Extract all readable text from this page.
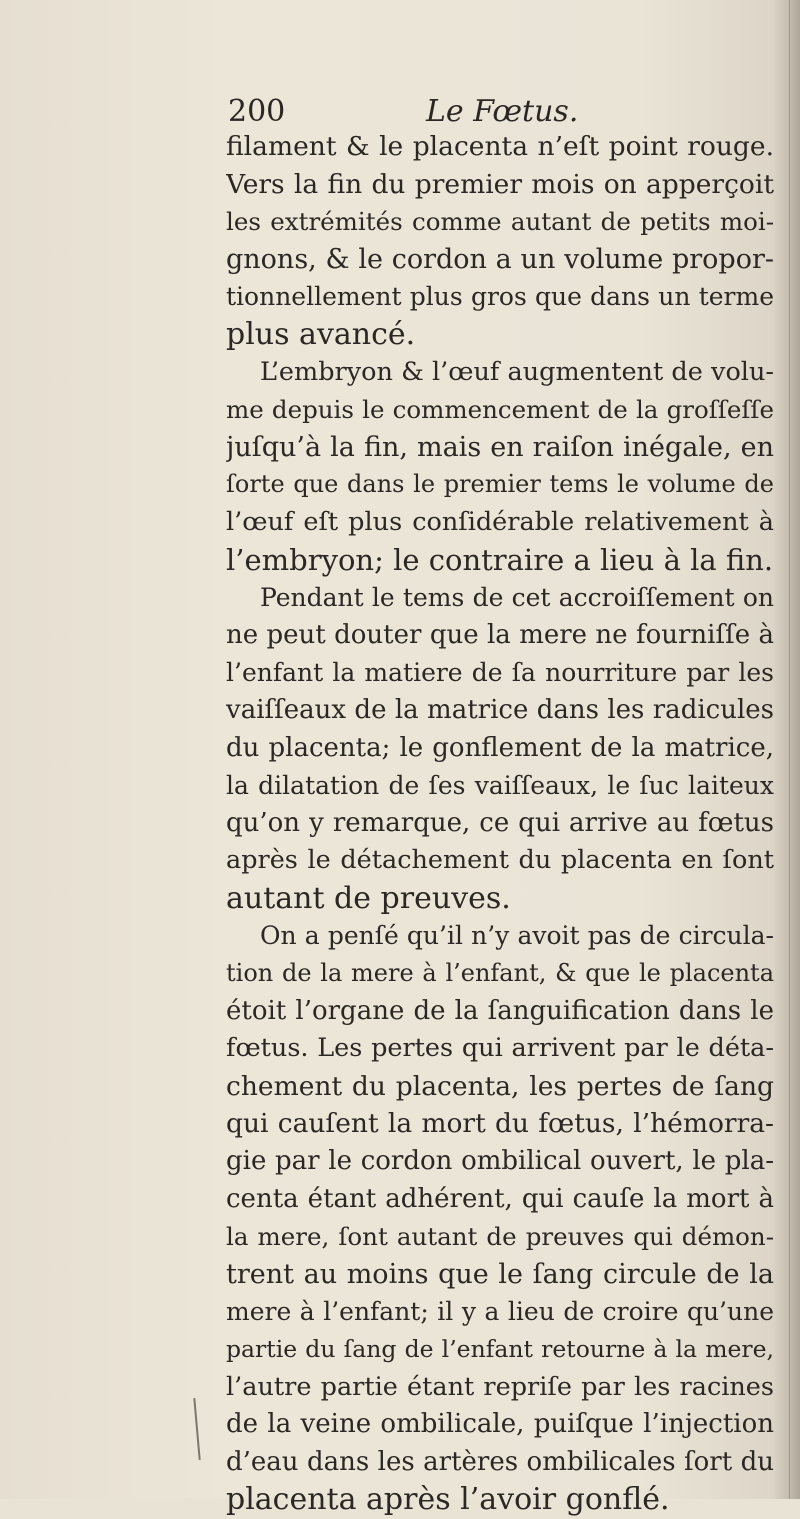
200	Le Fœtus.
filament & le placenta n’eſt point rouge.
Vers la fin du premier mois on apperçoit
les extrémités comme autant de petits moi-
gnons, & le cordon a un volume propor-
tionnellement plus gros que dans un terme
plus avancé.
L’embryon & l’œuf augmentent de volu-
me depuis le commencement de la groſſeſſe
juſqu’à la fin, mais en raiſon inégale, en
ſorte que dans le premier tems le volume de
l’œuf eſt plus conſidérable relativement à
l’embryon; le contraire a lieu à la fin.
Pendant le tems de cet accroiſſement on
ne peut douter que la mere ne fourniſſe à
l’enfant la matiere de ſa nourriture par les
vaiſſeaux de la matrice dans les radicules
du placenta; le gonflement de la matrice,
la dilatation de ſes vaiſſeaux, le ſuc laiteux
qu’on y remarque, ce qui arrive au fœtus
après le détachement du placenta en ſont
autant de preuves.
On a penſé qu’il n’y avoit pas de circula-
tion de la mere à l’enfant, & que le placenta
étoit l’organe de la ſanguification dans le
fœtus. Les pertes qui arrivent par le déta-
chement du placenta, les pertes de ſang
qui cauſent la mort du fœtus, l’hémorra-
gie par le cordon ombilical ouvert, le pla-
centa étant adhérent, qui cauſe la mort à
la mere, ſont autant de preuves qui démon-
trent au moins que le ſang circule de la
mere à l’enfant; il y a lieu de croire qu’une
partie du ſang de l’enfant retourne à la mere,
l’autre partie étant repriſe par les racines
de la veine ombilicale, puiſque l’injection
d’eau dans les artères ombilicales ſort du
placenta après l’avoir gonflé.
